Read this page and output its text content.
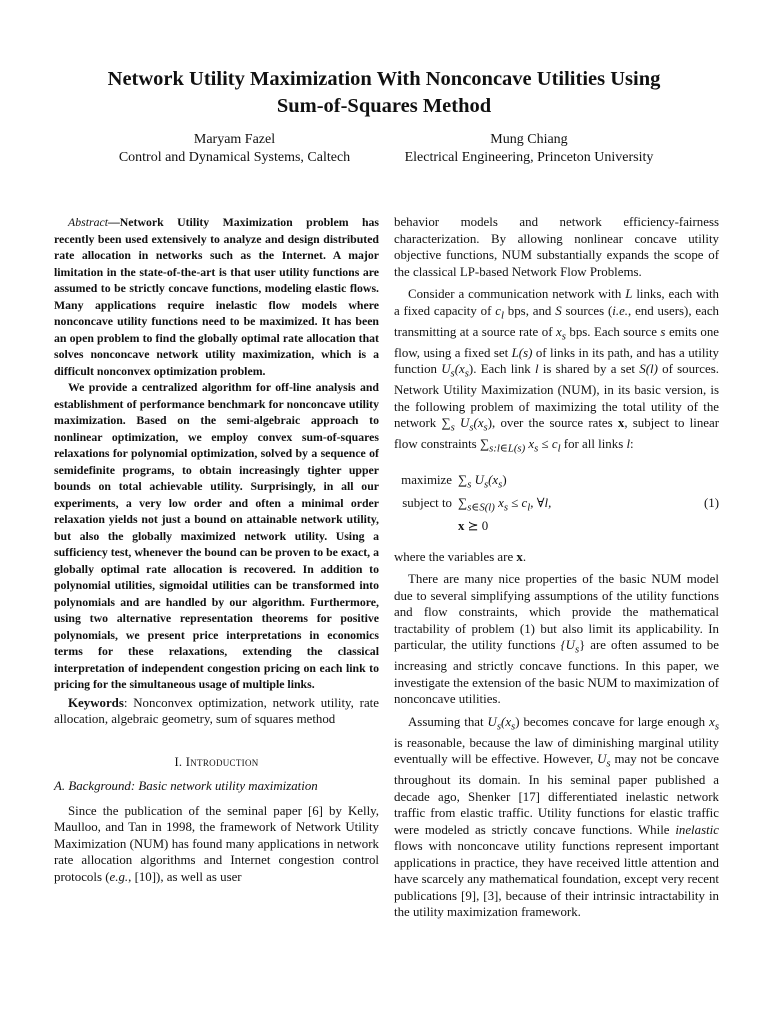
Network Utility Maximization With Nonconcave Utilities Using
Sum-of-Squares Method
Maryam Fazel
Control and Dynamical Systems, Caltech
Mung Chiang
Electrical Engineering, Princeton University

Abstract—Network Utility Maximization problem has recently been used extensively to analyze and design distributed rate allocation in networks such as the Internet. A major limitation in the state-of-the-art is that user utility functions are assumed to be strictly concave functions, modeling elastic flows. Many applications require inelastic flow models where nonconcave utility functions need to be maximized. It has been an open problem to find the globally optimal rate allocation that solves nonconcave network utility maximization, which is a difficult nonconvex optimization problem.

We provide a centralized algorithm for off-line analysis and establishment of performance benchmark for nonconcave utility maximization. Based on the semi-algebraic approach to nonlinear optimization, we employ convex sum-of-squares relaxations for polynomial optimization, solved by a sequence of semidefinite programs, to obtain increasingly tighter upper bounds on total achievable utility. Surprisingly, in all our experiments, a very low order and often a minimal order relaxation yields not just a bound on attainable network utility, but also the globally maximized network utility. Using a sufficiency test, whenever the bound can be proven to be exact, a globally optimal rate allocation is recovered. In addition to polynomial utilities, sigmoidal utilities can be transformed into polynomials and are handled by our algorithm. Furthermore, using two alternative representation theorems for positive polynomials, we present price interpretations in economics terms for these relaxations, extending the classical interpretation of independent congestion pricing on each link to pricing for the simultaneous usage of multiple links.

Keywords: Nonconvex optimization, network utility, rate allocation, algebraic geometry, sum of squares method

I. Introduction
A. Background: Basic network utility maximization

Since the publication of the seminal paper [6] by Kelly, Maulloo, and Tan in 1998, the framework of Network Utility Maximization (NUM) has found many applications in network rate allocation algorithms and Internet congestion control protocols (e.g., [10]), as well as user

behavior models and network efficiency-fairness characterization. By allowing nonlinear concave utility objective functions, NUM substantially expands the scope of the classical LP-based Network Flow Problems.

Consider a communication network with L links, each with a fixed capacity of $c_l$ bps, and S sources (i.e., end users), each transmitting at a source rate of $x_s$ bps. Each source s emits one flow, using a fixed set L(s) of links in its path, and has a utility function $U_s(x_s)$. Each link l is shared by a set S(l) of sources. Network Utility Maximization (NUM), in its basic version, is the following problem of maximizing the total utility of the network $\sum_s$ $U_s(x_s)$, over the source rates x, subject to linear flow constraints $\sum_{s:l\in L(s)}$ $x_s \le c_l$ for all links l:

maximize $\sum_s$ $U_s(x_s)$
(1)
subject to $\sum_{s\in S(l)}$ $x_s \le c_l$, ∀l,
x ⪰ 0

where the variables are x.

There are many nice properties of the basic NUM model due to several simplifying assumptions of the utility functions and flow constraints, which provide the mathematical tractability of problem (1) but also limit its applicability. In particular, the utility functions $\{U_s\}$ are often assumed to be increasing and strictly concave functions. In this paper, we investigate the extension of the basic NUM to maximization of nonconcave utilities.

Assuming that $U_s(x_s)$ becomes concave for large enough $x_s$ is reasonable, because the law of diminishing marginal utility eventually will be effective. However, $U_s$ may not be concave throughout its domain. In his seminal paper published a decade ago, Shenker [17] differentiated inelastic network traffic from elastic traffic. Utility functions for elastic traffic were modeled as strictly concave functions. While inelastic flows with nonconcave utility functions represent important applications in practice, they have received little attention and have scarcely any mathematical foundation, except very recent publications [9], [3], because of their intrinsic intractability in the utility maximization framework.
